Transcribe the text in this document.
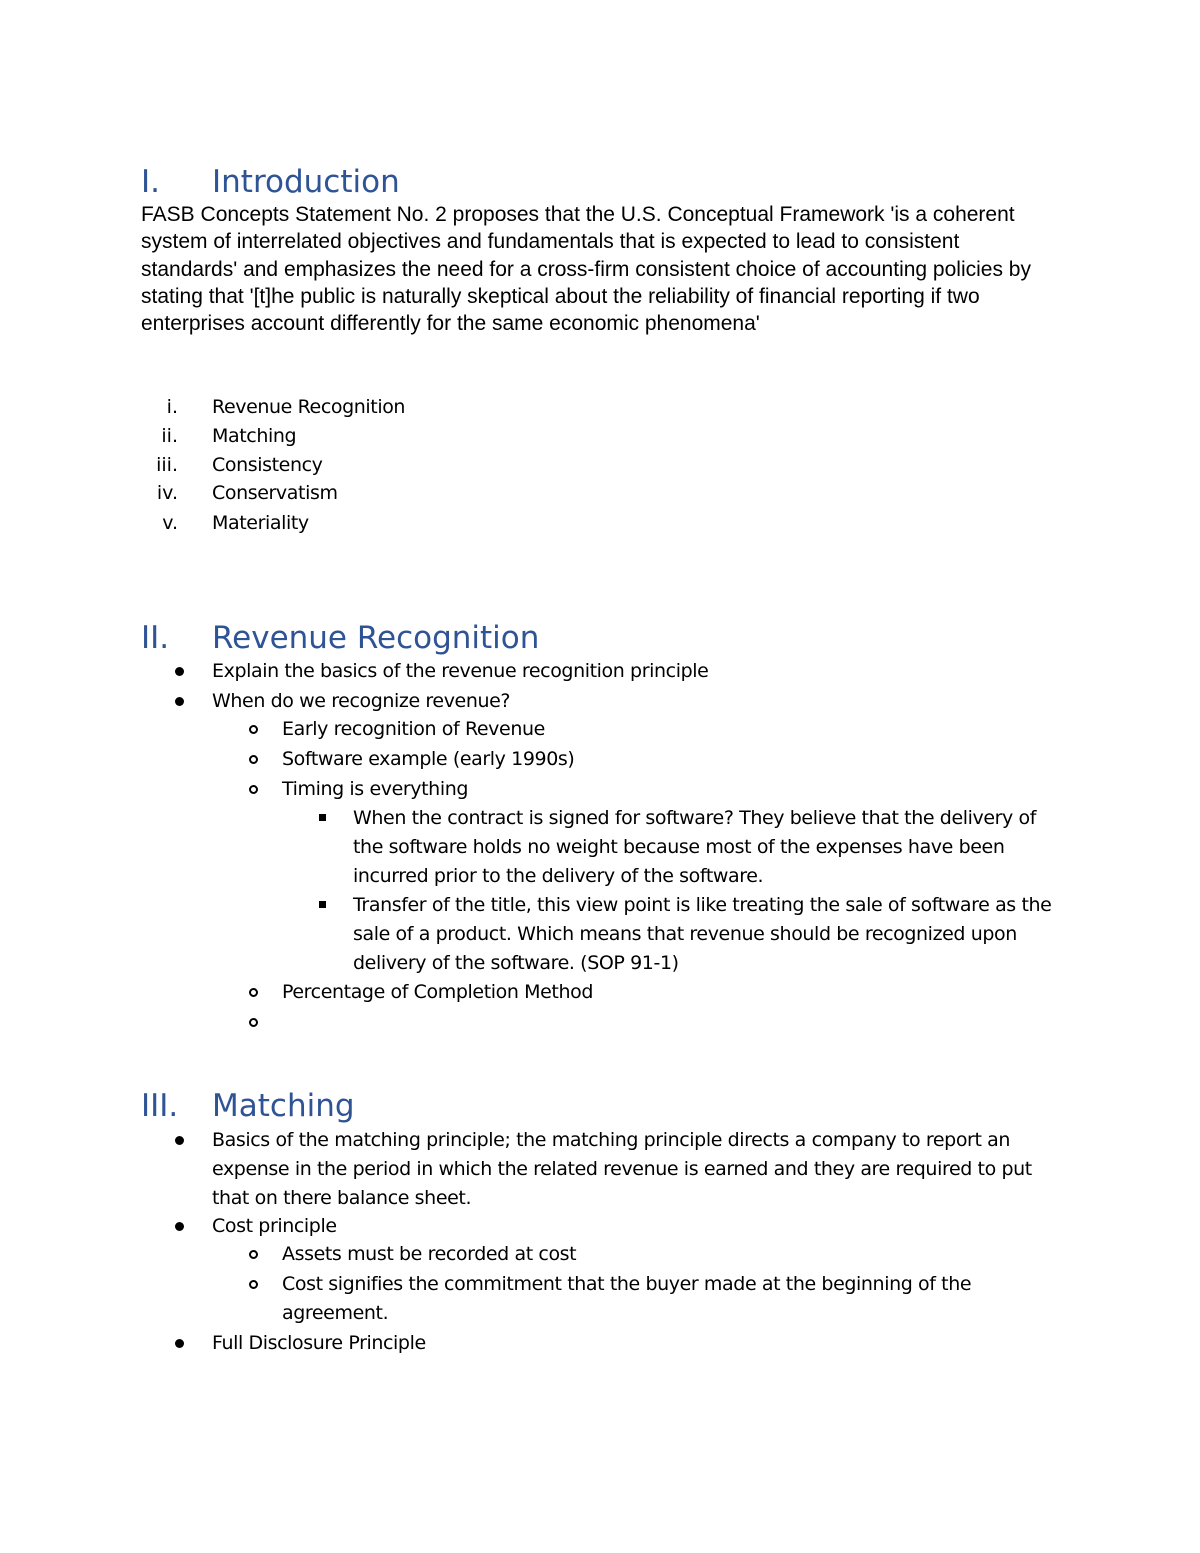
I. Introduction
FASB Concepts Statement No. 2 proposes that the U.S. Conceptual Framework 'is a coherent system of interrelated objectives and fundamentals that is expected to lead to consistent standards' and emphasizes the need for a cross-firm consistent choice of accounting policies by stating that '[t]he public is naturally skeptical about the reliability of financial reporting if two enterprises account differently for the same economic phenomena'
i. Revenue Recognition
ii. Matching
iii. Consistency
iv. Conservatism
v. Materiality
II. Revenue Recognition
Explain the basics of the revenue recognition principle
When do we recognize revenue?
Early recognition of Revenue
Software example (early 1990s)
Timing is everything
When the contract is signed for software? They believe that the delivery of the software holds no weight because most of the expenses have been incurred prior to the delivery of the software.
Transfer of the title, this view point is like treating the sale of software as the sale of a product. Which means that revenue should be recognized upon delivery of the software. (SOP 91-1)
Percentage of Completion Method
III. Matching
Basics of the matching principle; the matching principle directs a company to report an expense in the period in which the related revenue is earned and they are required to put that on there balance sheet.
Cost principle
Assets must be recorded at cost
Cost signifies the commitment that the buyer made at the beginning of the agreement.
Full Disclosure Principle
